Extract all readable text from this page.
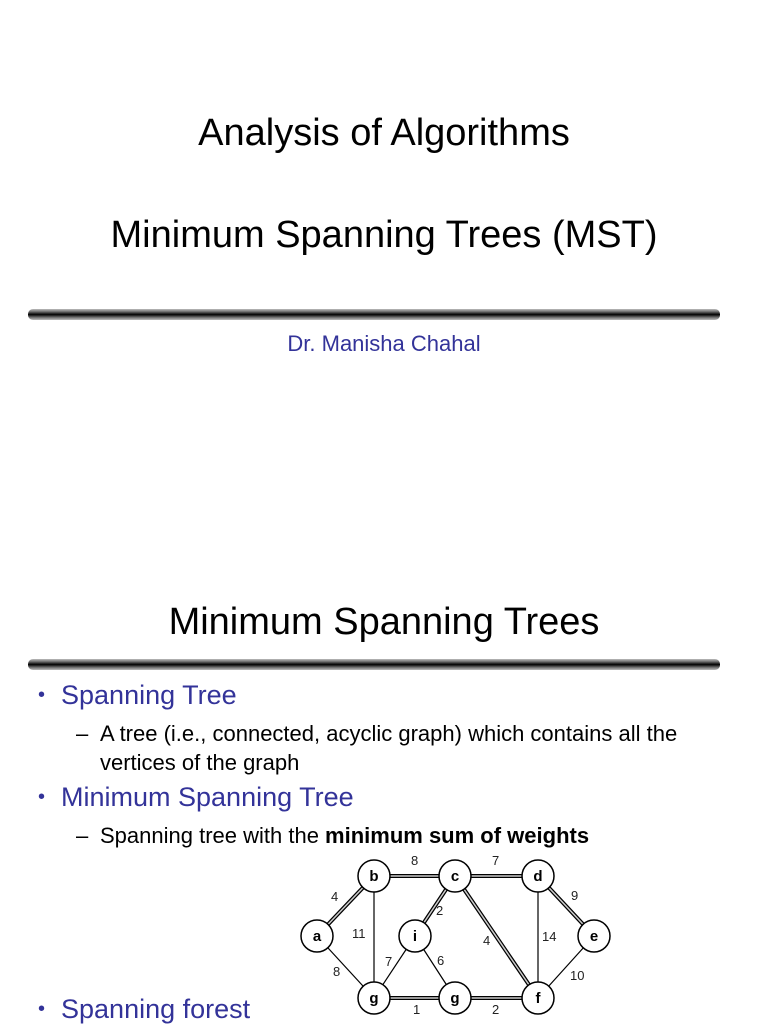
Analysis of Algorithms
Minimum Spanning Trees (MST)
Dr. Manisha Chahal
Minimum Spanning Trees
• Spanning Tree
– A tree (i.e., connected, acyclic graph) which contains all the vertices of the graph
• Minimum Spanning Tree
– Spanning tree with the minimum sum of weights
• Spanning forest
4
8	7
9
8
11
2
4	14
7	6
10
1	2
a
b	c	d
e
i
g	g	f
